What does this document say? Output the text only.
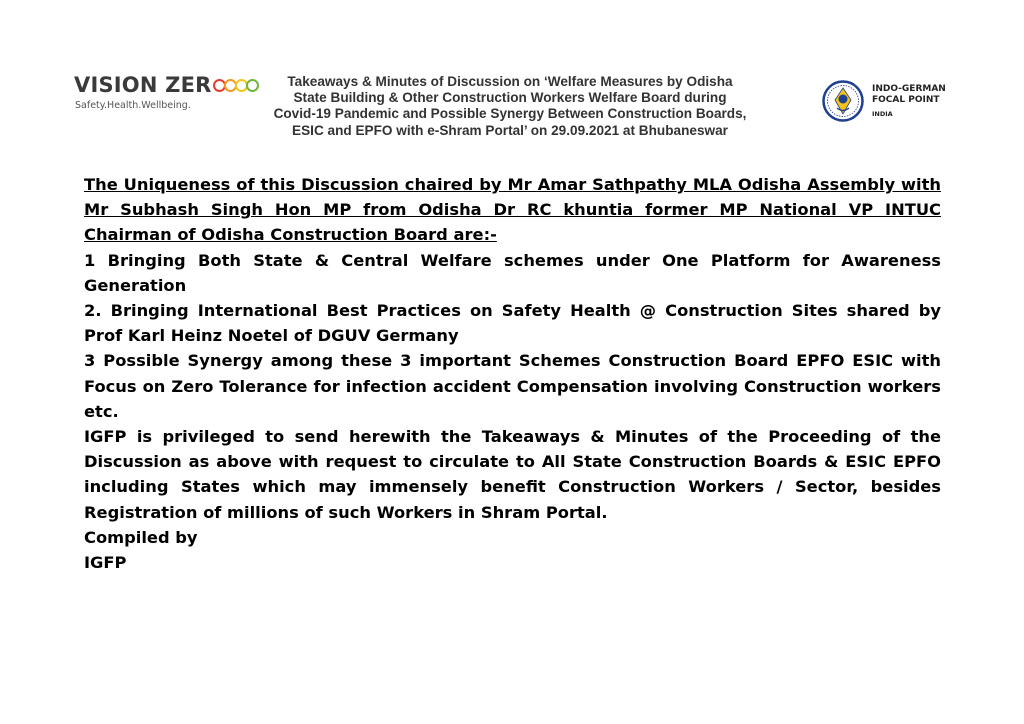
VISION ZER
Safety.Health.Wellbeing.
Takeaways & Minutes of Discussion on ‘Welfare Measures by Odisha
State Building & Other Construction Workers Welfare Board during
Covid-19 Pandemic and Possible Synergy Between Construction Boards,
ESIC and EPFO with e-Shram Portal’ on 29.09.2021 at Bhubaneswar
INDO-GERMAN
FOCAL POINT
INDIA
The Uniqueness of this Discussion chaired by Mr Amar Sathpathy MLA Odisha Assembly with
Mr Subhash Singh Hon MP from Odisha Dr RC khuntia former MP National VP INTUC
Chairman of Odisha Construction Board are:-
1 Bringing Both State & Central Welfare schemes under One Platform for Awareness Generation
2. Bringing International Best Practices on Safety Health @ Construction Sites shared by Prof Karl Heinz Noetel of DGUV Germany
3 Possible Synergy among these 3 important Schemes Construction Board EPFO ESIC with Focus on Zero Tolerance for infection accident Compensation involving Construction workers etc.
IGFP is privileged to send herewith the Takeaways & Minutes of the Proceeding of the Discussion as above with request to circulate to All State Construction Boards & ESIC EPFO including States which may immensely benefit Construction Workers / Sector, besides Registration of millions of such Workers in Shram Portal.
Compiled by
IGFP
